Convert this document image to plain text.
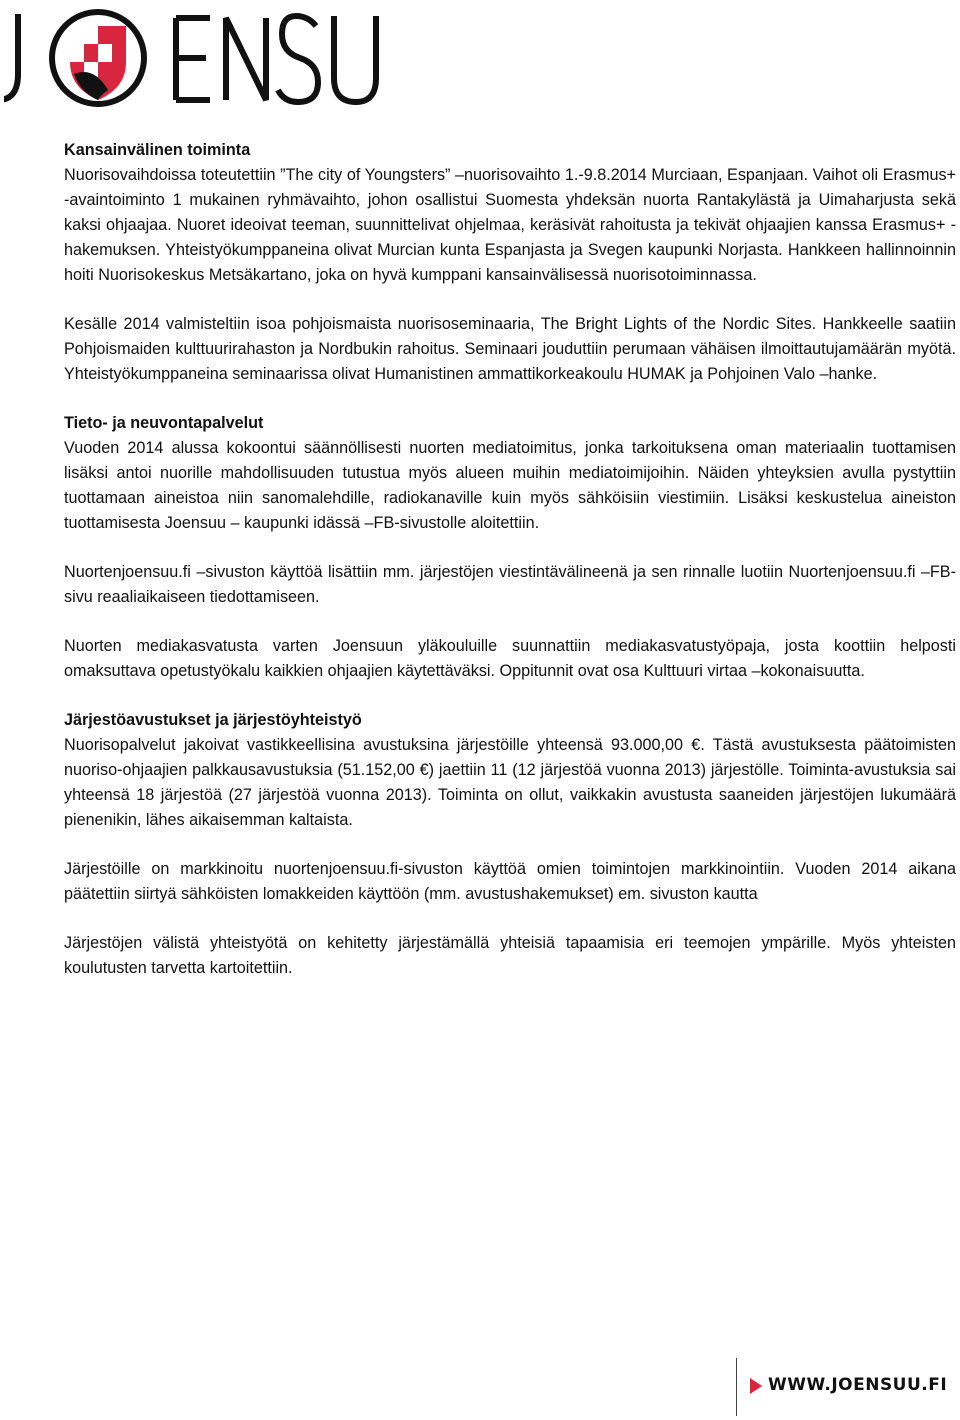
Kansainvälinen toiminta

Nuorisovaihdoissa toteutettiin ”The city of Youngsters” –nuorisovaihto 1.-9.8.2014 Murciaan, Espanjaan. Vaihot oli Erasmus+ -avaintoiminto 1 mukainen ryhmävaihto, johon osallistui Suomesta yhdeksän nuorta Rantakylästä ja Uimaharjusta sekä kaksi ohjaajaa. Nuoret ideoivat teeman, suunnittelivat ohjelmaa, keräsivät rahoitusta ja tekivät ohjaajien kanssa Erasmus+ -hakemuksen. Yhteistyökumppaneina olivat Murcian kunta Espanjasta ja Svegen kaupunki Norjasta. Hankkeen hallinnoinnin hoiti Nuorisokeskus Metsäkartano, joka on hyvä kumppani kansainvälisessä nuorisotoiminnassa.

Kesälle 2014 valmisteltiin isoa pohjoismaista nuorisoseminaaria, The Bright Lights of the Nordic Sites. Hankkeelle saatiin Pohjoismaiden kulttuurirahaston ja Nordbukin rahoitus. Seminaari jouduttiin perumaan vähäisen ilmoittautujamäärän myötä. Yhteistyökumppaneina seminaarissa olivat Humanistinen ammattikorkeakoulu HUMAK ja Pohjoinen Valo –hanke.

Tieto- ja neuvontapalvelut

Vuoden 2014 alussa kokoontui säännöllisesti nuorten mediatoimitus, jonka tarkoituksena oman materiaalin tuottamisen lisäksi antoi nuorille mahdollisuuden tutustua myös alueen muihin mediatoimijoihin. Näiden yhteyksien avulla pystyttiin tuottamaan aineistoa niin sanomalehdille, radiokanaville kuin myös sähköisiin viestimiin. Lisäksi keskustelua aineiston tuottamisesta Joensuu – kaupunki idässä –FB-sivustolle aloitettiin.

Nuortenjoensuu.fi –sivuston käyttöä lisättiin mm. järjestöjen viestintävälineenä ja sen rinnalle luotiin Nuortenjoensuu.fi –FB-sivu reaaliaikaiseen tiedottamiseen.

Nuorten mediakasvatusta varten Joensuun yläkouluille suunnattiin mediakasvatustyöpaja, josta koottiin helposti omaksuttava opetustyökalu kaikkien ohjaajien käytettäväksi. Oppitunnit ovat osa Kulttuuri virtaa –kokonaisuutta.

Järjestöavustukset ja järjestöyhteistyö

Nuorisopalvelut jakoivat vastikkeellisina avustuksina järjestöille yhteensä 93.000,00 €. Tästä avustuksesta päätoimisten nuoriso-ohjaajien palkkausavustuksia (51.152,00 €) jaettiin 11 (12 järjestöä vuonna 2013) järjestölle. Toiminta-avustuksia sai yhteensä 18 järjestöä (27 järjestöä vuonna 2013). Toiminta on ollut, vaikkakin avustusta saaneiden järjestöjen lukumäärä pienenikin, lähes aikaisemman kaltaista.

Järjestöille on markkinoitu nuortenjoensuu.fi-sivuston käyttöä omien toimintojen markkinointiin. Vuoden 2014 aikana päätettiin siirtyä sähköisten lomakkeiden käyttöön (mm. avustushakemukset) em. sivuston kautta

Järjestöjen välistä yhteistyötä on kehitetty järjestämällä yhteisiä tapaamisia eri teemojen ympärille. Myös yhteisten koulutusten tarvetta kartoitettiin.

WWW.JOENSUU.FI
